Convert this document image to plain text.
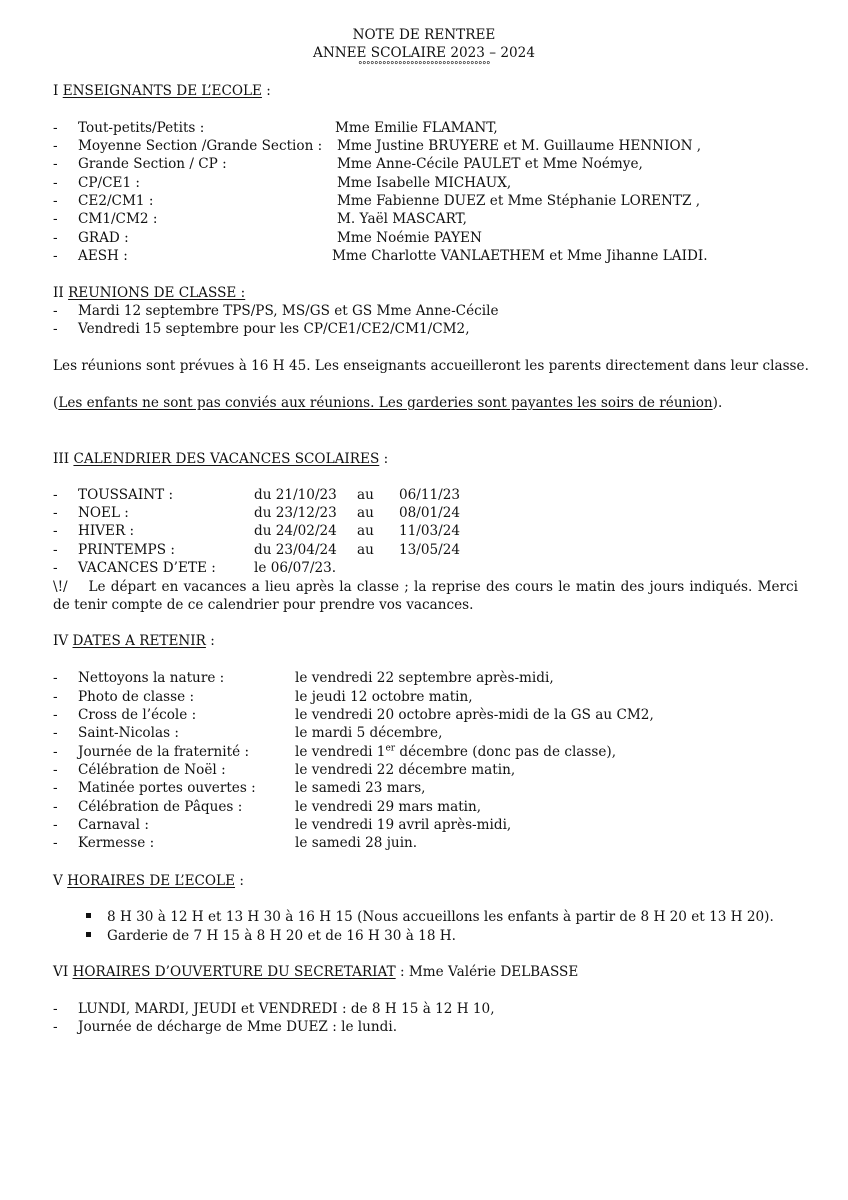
NOTE DE RENTREE
ANNEE SCOLAIRE 2023 – 2024
°°°°°°°°°°°°°°°°°°°°°°°°°°°°°°°°°
I ENSEIGNANTS DE L’ECOLE :
- Tout-petits/Petits :	Mme Emilie FLAMANT,
- Moyenne Section /Grande Section : Mme Justine BRUYERE et M. Guillaume HENNION ,
- Grande Section / CP :	Mme Anne-Cécile PAULET et Mme Noémye,
- CP/CE1 :	Mme Isabelle MICHAUX,
- CE2/CM1 :	Mme Fabienne DUEZ et Mme Stéphanie LORENTZ ,
- CM1/CM2 :	M. Yaël MASCART,
- GRAD :	Mme Noémie PAYEN
- AESH :	Mme Charlotte VANLAETHEM et Mme Jihanne LAIDI.
II REUNIONS DE CLASSE :
- Mardi 12 septembre TPS/PS, MS/GS et GS Mme Anne-Cécile
- Vendredi 15 septembre pour les CP/CE1/CE2/CM1/CM2,
Les réunions sont prévues à 16 H 45. Les enseignants accueilleront les parents directement dans leur classe.
(Les enfants ne sont pas conviés aux réunions. Les garderies sont payantes les soirs de réunion).
III CALENDRIER DES VACANCES SCOLAIRES :
- TOUSSAINT :	du 21/10/23 au 06/11/23
- NOEL :	du 23/12/23 au 08/01/24
- HIVER :	du 24/02/24 au 11/03/24
- PRINTEMPS :	du 23/04/24 au 13/05/24
- VACANCES D’ETE :	le 06/07/23.
\!/ Le départ en vacances a lieu après la classe ; la reprise des cours le matin des jours indiqués. Merci de tenir compte de ce calendrier pour prendre vos vacances.
IV DATES A RETENIR :
- Nettoyons la nature :	le vendredi 22 septembre après-midi,
- Photo de classe :	le jeudi 12 octobre matin,
- Cross de l’école :	le vendredi 20 octobre après-midi de la GS au CM2,
- Saint-Nicolas :	le mardi 5 décembre,
- Journée de la fraternité :	le vendredi 1er décembre (donc pas de classe),
- Célébration de Noël :	le vendredi 22 décembre matin,
- Matinée portes ouvertes :	le samedi 23 mars,
- Célébration de Pâques :	le vendredi 29 mars matin,
- Carnaval :	le vendredi 19 avril après-midi,
- Kermesse :	le samedi 28 juin.
V HORAIRES DE L’ECOLE :
8 H 30 à 12 H et 13 H 30 à 16 H 15 (Nous accueillons les enfants à partir de 8 H 20 et 13 H 20).
Garderie de 7 H 15 à 8 H 20 et de 16 H 30 à 18 H.
VI HORAIRES D’OUVERTURE DU SECRETARIAT : Mme Valérie DELBASSE
- LUNDI, MARDI, JEUDI et VENDREDI : de 8 H 15 à 12 H 10,
- Journée de décharge de Mme DUEZ : le lundi.
